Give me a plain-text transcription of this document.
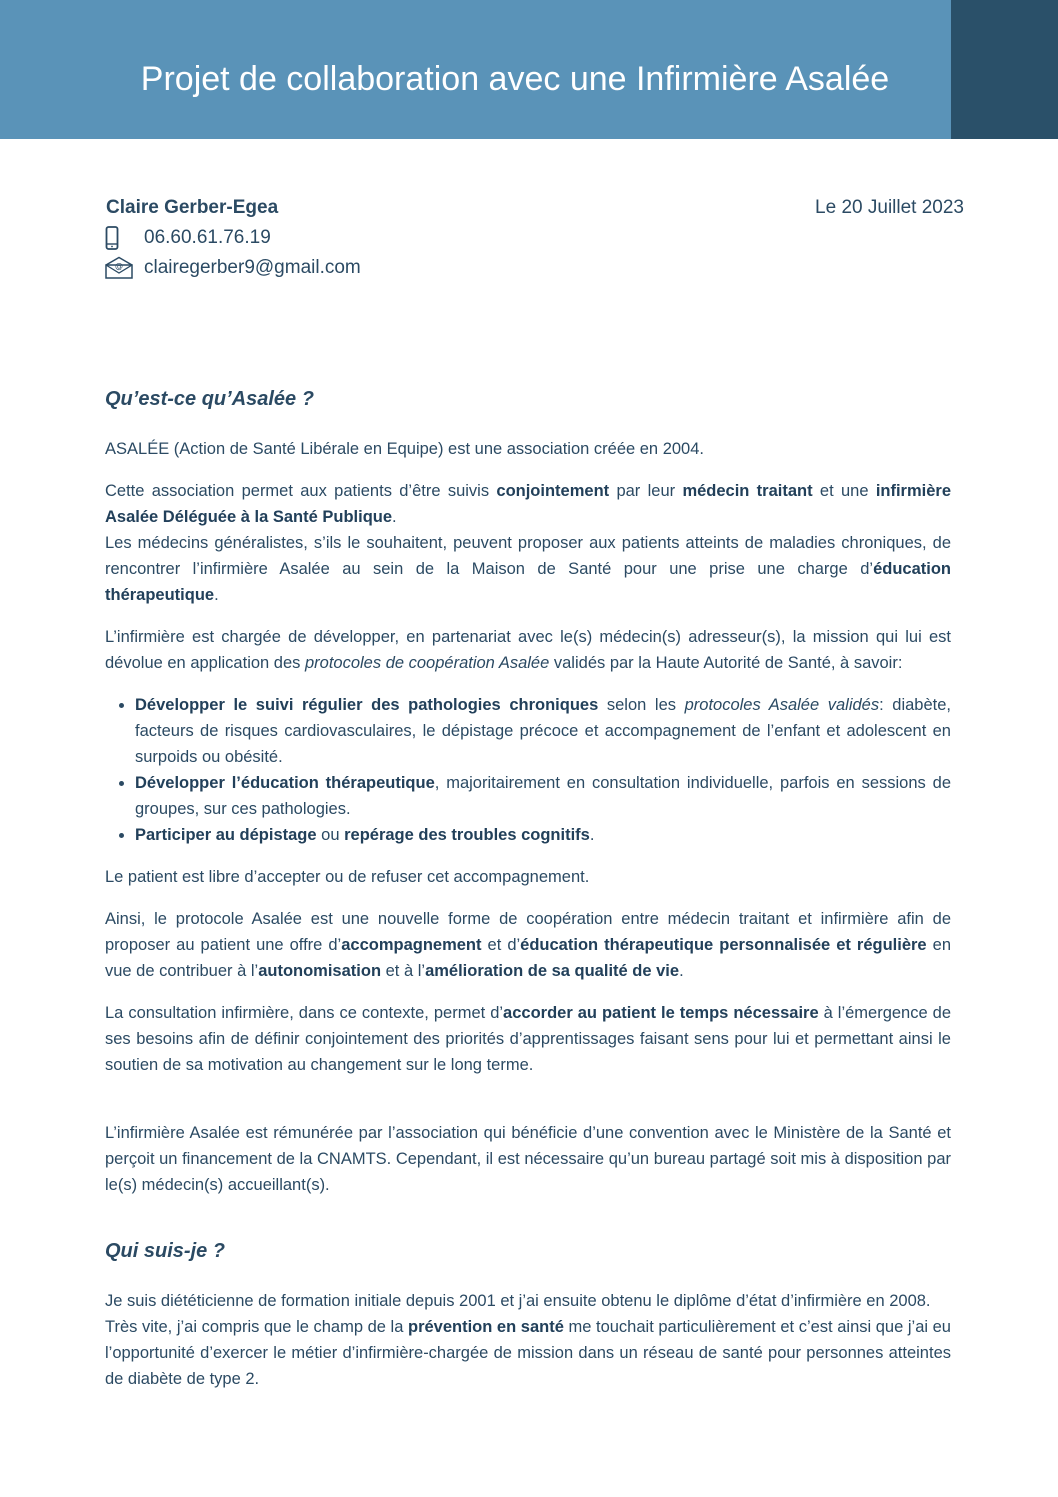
Projet de collaboration avec une Infirmière Asalée
Claire Gerber-Egea	Le 20 Juillet 2023
06.60.61.76.19
@ clairegerber9@gmail.com
Qu’est-ce qu’Asalée ?

ASALÉE (Action de Santé Libérale en Equipe) est une association créée en 2004.

Cette association permet aux patients d’être suivis conjointement par leur médecin traitant et une infirmière Asalée Déléguée à la Santé Publique.

Les médecins généralistes, s’ils le souhaitent, peuvent proposer aux patients atteints de maladies chroniques, de rencontrer l’infirmière Asalée au sein de la Maison de Santé pour une prise une charge d’éducation thérapeutique.

L’infirmière est chargée de développer, en partenariat avec le(s) médecin(s) adresseur(s), la mission qui lui est dévolue en application des protocoles de coopération Asalée validés par la Haute Autorité de Santé, à savoir:

• Développer le suivi régulier des pathologies chroniques selon les protocoles Asalée validés: diabète, facteurs de risques cardiovasculaires, le dépistage précoce et accompagnement de l’enfant et adolescent en surpoids ou obésité.
• Développer l’éducation thérapeutique, majoritairement en consultation individuelle, parfois en sessions de groupes, sur ces pathologies.
• Participer au dépistage ou repérage des troubles cognitifs.

Le patient est libre d’accepter ou de refuser cet accompagnement.

Ainsi, le protocole Asalée est une nouvelle forme de coopération entre médecin traitant et infirmière afin de proposer au patient une offre d’accompagnement et d’éducation thérapeutique personnalisée et régulière en vue de contribuer à l’autonomisation et à l’amélioration de sa qualité de vie.

La consultation infirmière, dans ce contexte, permet d’accorder au patient le temps nécessaire à l’émergence de ses besoins afin de définir conjointement des priorités d’apprentissages faisant sens pour lui et permettant ainsi le soutien de sa motivation au changement sur le long terme.

L’infirmière Asalée est rémunérée par l’association qui bénéficie d’une convention avec le Ministère de la Santé et perçoit un financement de la CNAMTS. Cependant, il est nécessaire qu’un bureau partagé soit mis à disposition par le(s) médecin(s) accueillant(s).

Qui suis-je ?

Je suis diététicienne de formation initiale depuis 2001 et j’ai ensuite obtenu le diplôme d’état d’infirmière en 2008.

Très vite, j’ai compris que le champ de la prévention en santé me touchait particulièrement et c’est ainsi que j’ai eu l’opportunité d’exercer le métier d’infirmière-chargée de mission dans un réseau de santé pour personnes atteintes de diabète de type 2.
